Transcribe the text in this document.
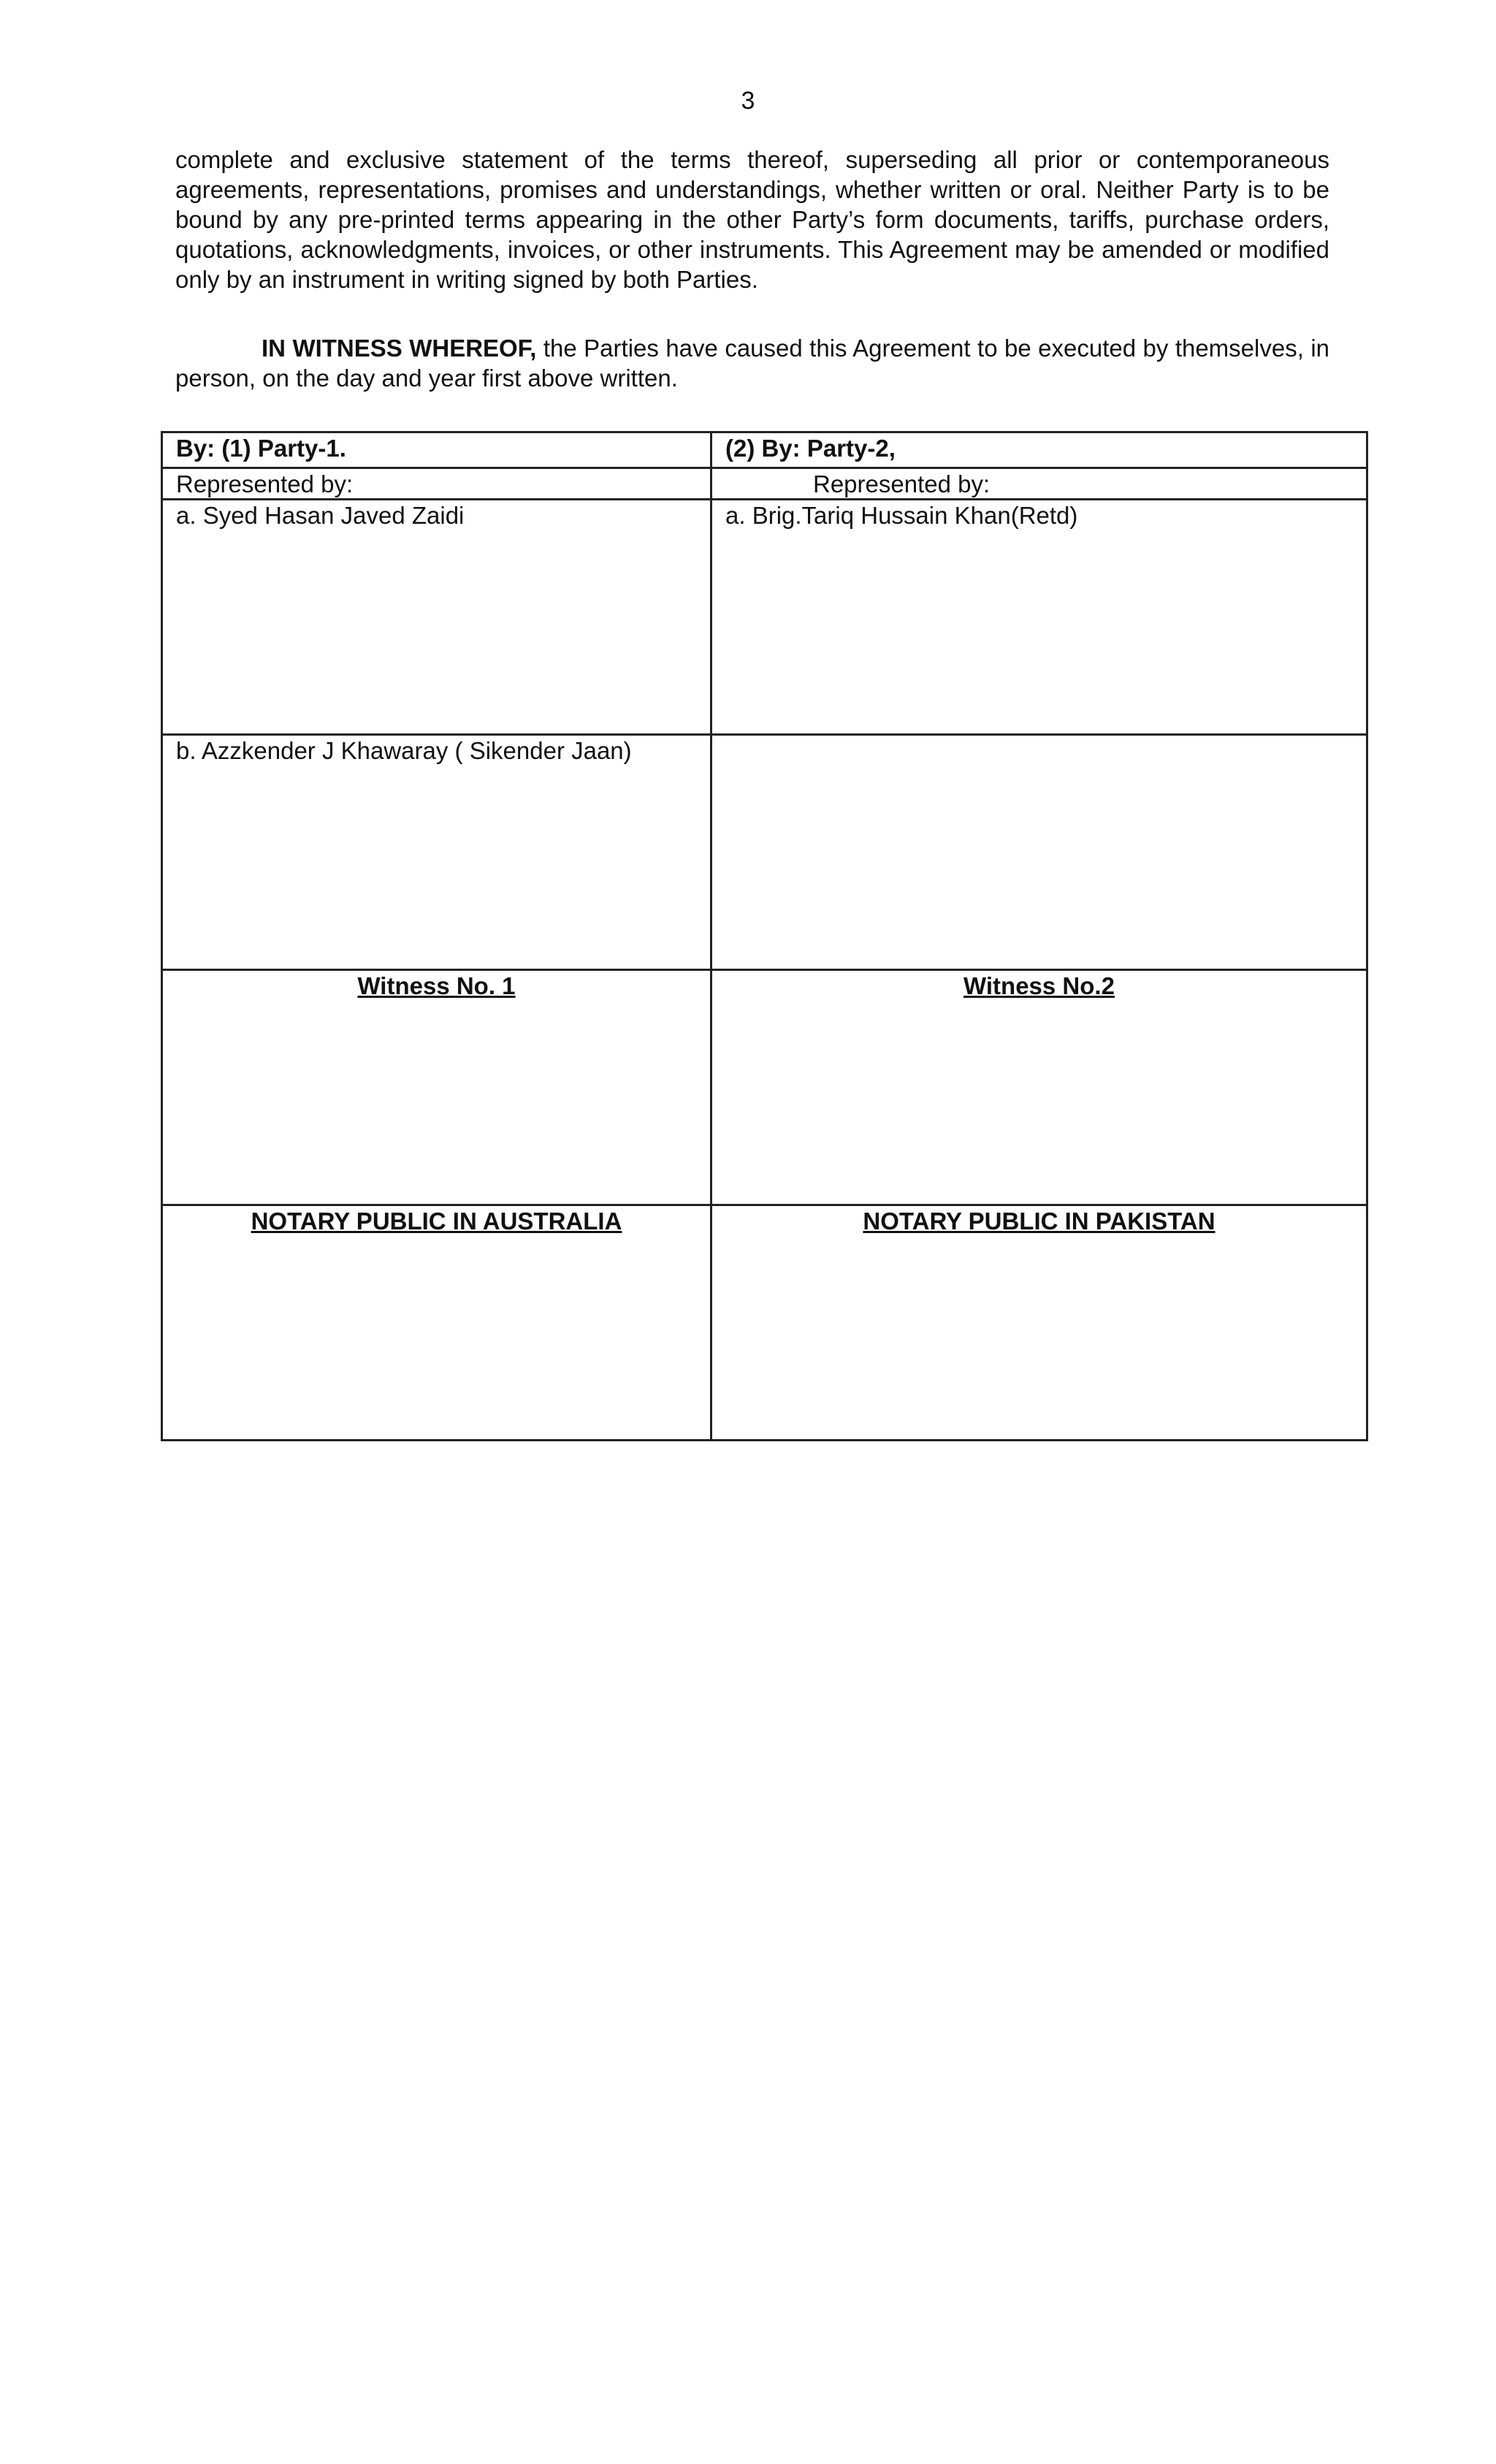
3

complete and exclusive statement of the terms thereof, superseding all prior or contemporaneous agreements, representations, promises and understandings, whether written or oral. Neither Party is to be bound by any pre-printed terms appearing in the other Party’s form documents, tariffs, purchase orders, quotations, acknowledgments, invoices, or other instruments. This Agreement may be amended or modified only by an instrument in writing signed by both Parties.

IN WITNESS WHEREOF, the Parties have caused this Agreement to be executed by themselves, in person, on the day and year first above written.

By: (1) Party-1.	(2) By: Party-2,
Represented by:	Represented by:
a. Syed Hasan Javed Zaidi	a. Brig.Tariq Hussain Khan(Retd)
b. Azzkender J Khawaray ( Sikender Jaan)	

Witness No. 1	Witness No.2

NOTARY PUBLIC IN AUSTRALIA	NOTARY PUBLIC IN PAKISTAN
